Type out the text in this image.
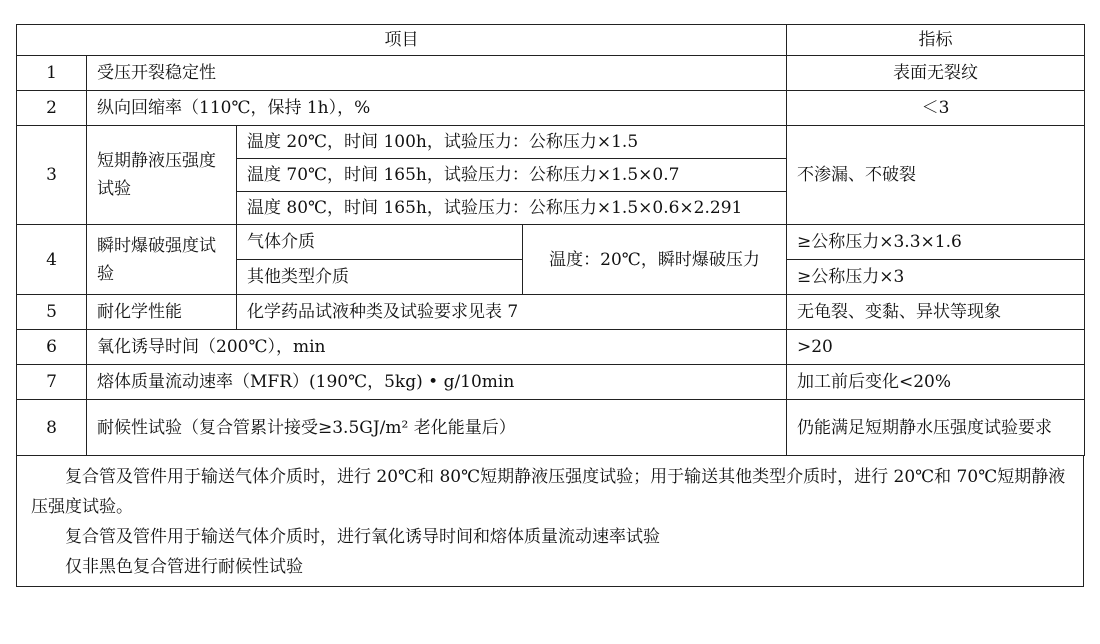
项目				指标
1	受压开裂稳定性			表面无裂纹
2	纵向回缩率（110℃，保持 1h），%			＜3
3	短期静液压强度试验	温度 20℃，时间 100h，试验压力：公称压力×1.5		不渗漏、不破裂
		温度 70℃，时间 165h，试验压力：公称压力×1.5×0.7		
		温度 80℃，时间 165h，试验压力：公称压力×1.5×0.6×2.291		
4	瞬时爆破强度试验	气体介质	温度：20℃，瞬时爆破压力	≥公称压力×3.3×1.6
		其他类型介质		≥公称压力×3
5	耐化学性能	化学药品试液种类及试验要求见表 7		无龟裂、变黏、异状等现象
6	氧化诱导时间（200℃），min			>20
7	熔体质量流动速率（MFR）(190℃，5kg) • g/10min			加工前后变化<20%
8	耐候性试验（复合管累计接受≥3.5GJ/m² 老化能量后）			仍能满足短期静水压强度试验要求

复合管及管件用于输送气体介质时，进行 20℃和 80℃短期静液压强度试验；用于输送其他类型介质时，进行 20℃和 70℃短期静液压强度试验。

复合管及管件用于输送气体介质时，进行氧化诱导时间和熔体质量流动速率试验

仅非黑色复合管进行耐候性试验
